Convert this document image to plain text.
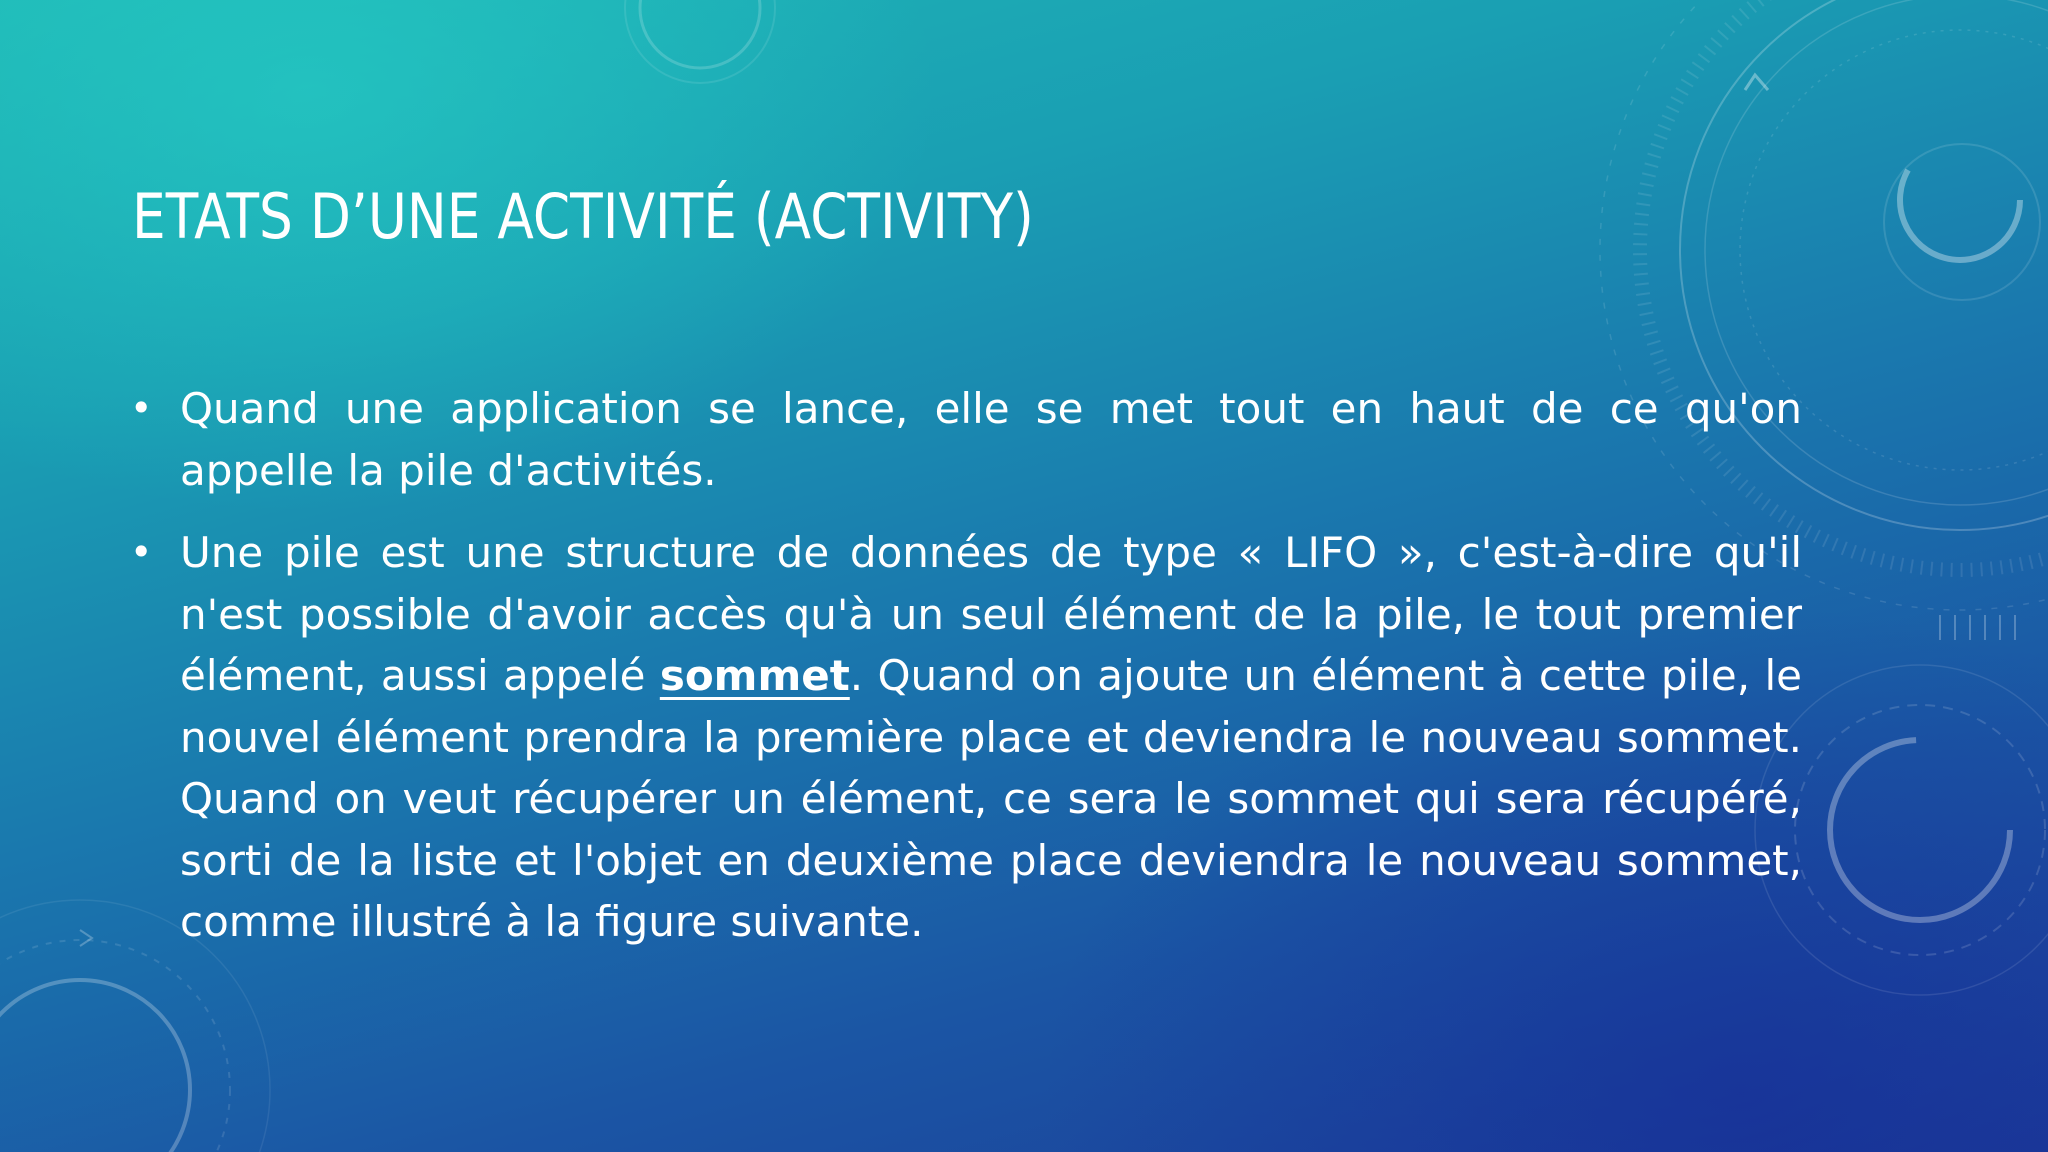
ETATS D’UNE ACTIVITÉ (ACTIVITY)
• Quand une application se lance, elle se met tout en haut de ce qu'on appelle la pile d'activités.
• Une pile est une structure de données de type « LIFO », c'est-à-dire qu'il n'est possible d'avoir accès qu'à un seul élément de la pile, le tout premier élément, aussi appelé sommet. Quand on ajoute un élément à cette pile, le nouvel élément prendra la première place et deviendra le nouveau sommet. Quand on veut récupérer un élément, ce sera le sommet qui sera récupéré, sorti de la liste et l'objet en deuxième place deviendra le nouveau sommet, comme illustré à la figure suivante.
